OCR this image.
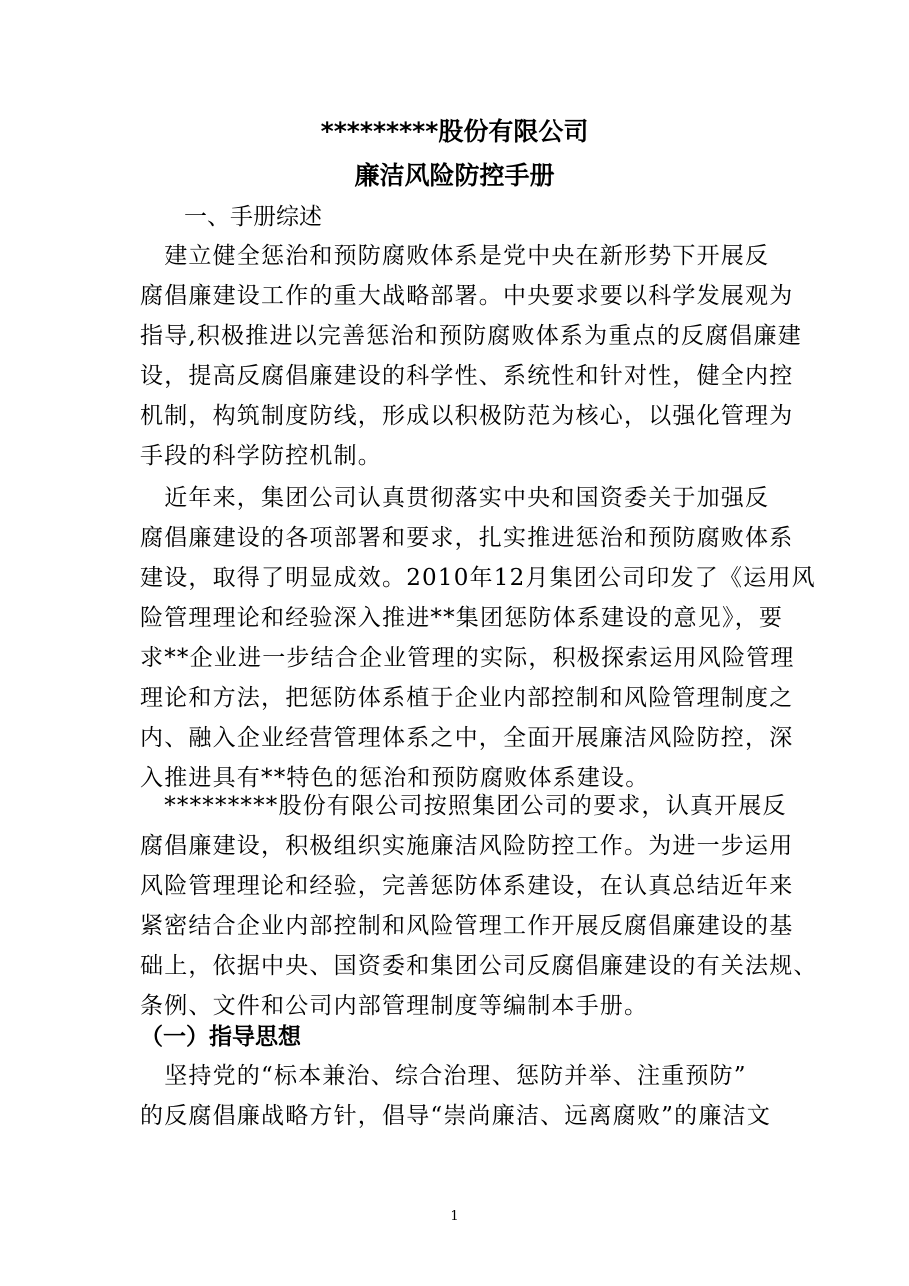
*********股份有限公司
廉洁风险防控手册
一、手册综述
　建立健全惩治和预防腐败体系是党中央在新形势下开展反
腐倡廉建设工作的重大战略部署。中央要求要以科学发展观为
指导,积极推进以完善惩治和预防腐败体系为重点的反腐倡廉建
设，提高反腐倡廉建设的科学性、系统性和针对性，健全内控
机制，构筑制度防线，形成以积极防范为核心，以强化管理为
手段的科学防控机制。
　近年来，集团公司认真贯彻落实中央和国资委关于加强反
腐倡廉建设的各项部署和要求，扎实推进惩治和预防腐败体系
建设，取得了明显成效。2010年12月集团公司印发了《运用风
险管理理论和经验深入推进**集团惩防体系建设的意见》，要
求**企业进一步结合企业管理的实际，积极探索运用风险管理
理论和方法，把惩防体系植于企业内部控制和风险管理制度之
内、融入企业经营管理体系之中，全面开展廉洁风险防控，深
入推进具有**特色的惩治和预防腐败体系建设。
　*********股份有限公司按照集团公司的要求，认真开展反
腐倡廉建设，积极组织实施廉洁风险防控工作。为进一步运用
风险管理理论和经验，完善惩防体系建设，在认真总结近年来
紧密结合企业内部控制和风险管理工作开展反腐倡廉建设的基
础上，依据中央、国资委和集团公司反腐倡廉建设的有关法规、
条例、文件和公司内部管理制度等编制本手册。
（一）指导思想
　坚持党的“标本兼治、综合治理、惩防并举、注重预防”
的反腐倡廉战略方针，倡导“崇尚廉洁、远离腐败”的廉洁文
1
